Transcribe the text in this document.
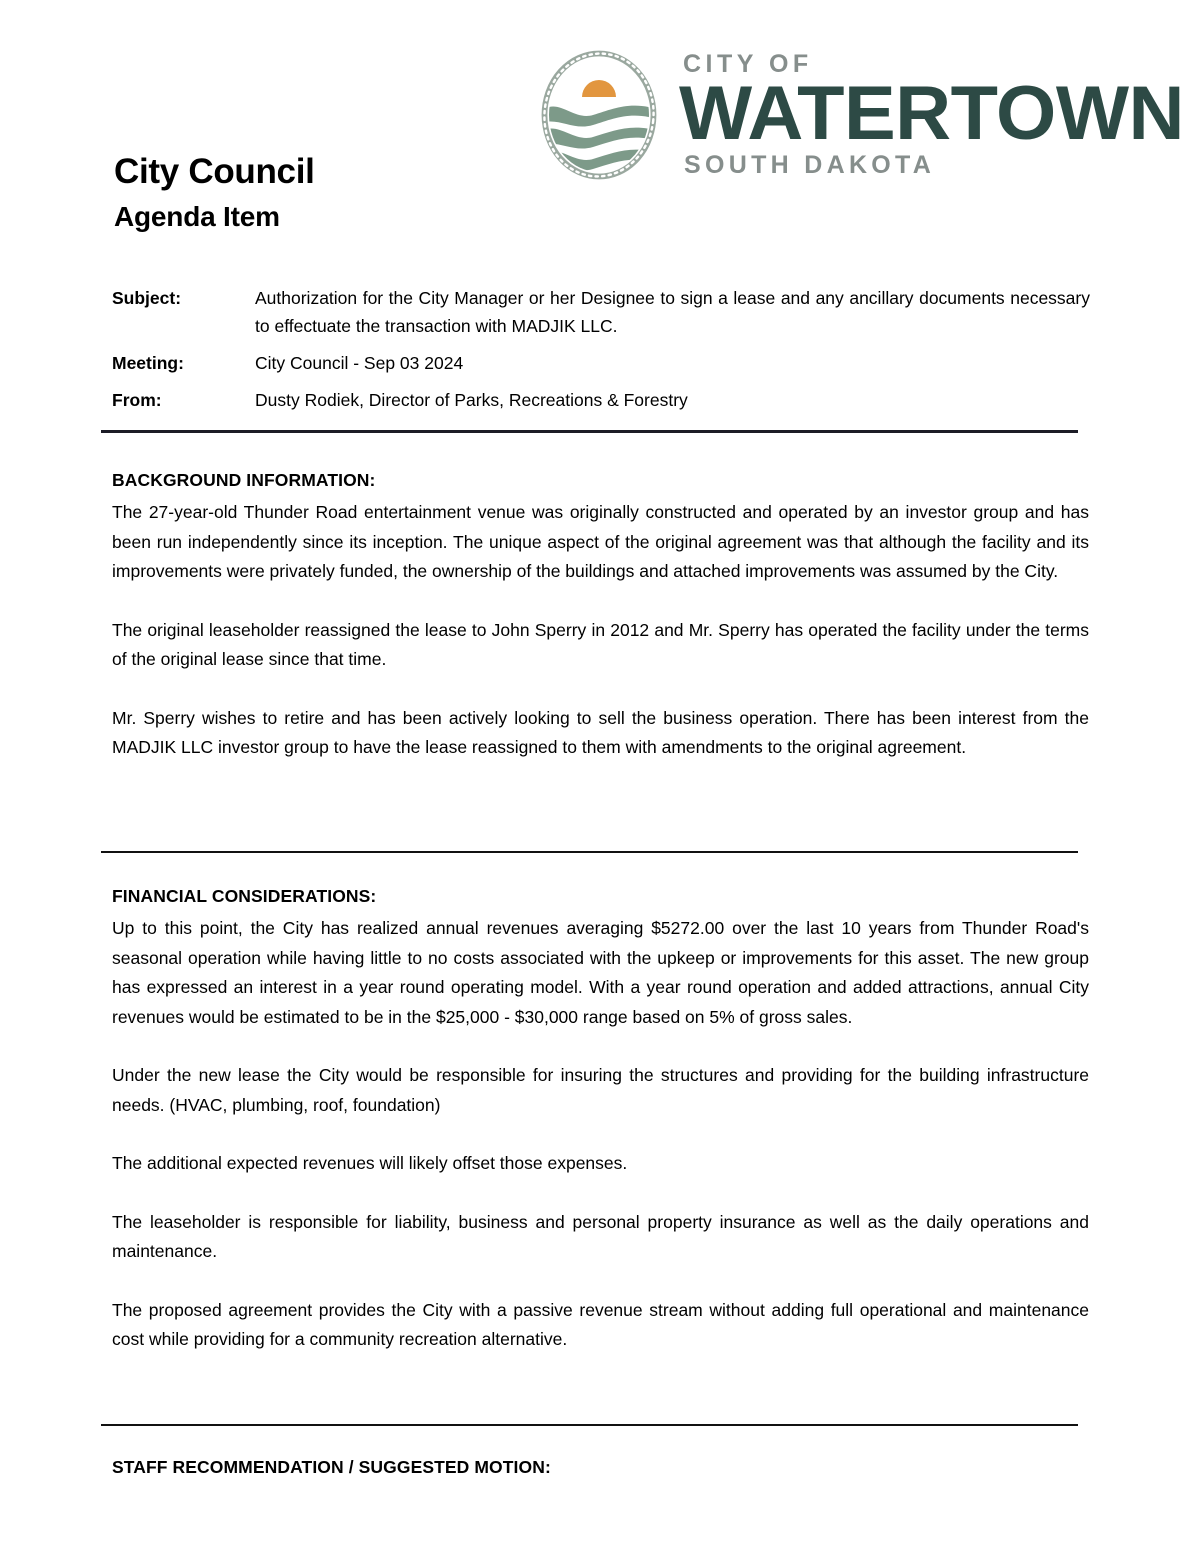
CITY OF
WATERTOWN
SOUTH DAKOTA
City Council
Agenda Item
Subject:	Authorization for the City Manager or her Designee to sign a lease and any ancillary documents necessary to effectuate the transaction with MADJIK LLC.
Meeting:	City Council - Sep 03 2024
From:	Dusty Rodiek, Director of Parks, Recreations & Forestry
BACKGROUND INFORMATION:

The 27-year-old Thunder Road entertainment venue was originally constructed and operated by an investor group and has been run independently since its inception. The unique aspect of the original agreement was that although the facility and its improvements were privately funded, the ownership of the buildings and attached improvements was assumed by the City.

The original leaseholder reassigned the lease to John Sperry in 2012 and Mr. Sperry has operated the facility under the terms of the original lease since that time.

Mr. Sperry wishes to retire and has been actively looking to sell the business operation. There has been interest from the MADJIK LLC investor group to have the lease reassigned to them with amendments to the original agreement.

FINANCIAL CONSIDERATIONS:

Up to this point, the City has realized annual revenues averaging $5272.00 over the last 10 years from Thunder Road's seasonal operation while having little to no costs associated with the upkeep or improvements for this asset. The new group has expressed an interest in a year round operating model. With a year round operation and added attractions, annual City revenues would be estimated to be in the $25,000 - $30,000 range based on 5% of gross sales.

Under the new lease the City would be responsible for insuring the structures and providing for the building infrastructure needs. (HVAC, plumbing, roof, foundation)

The additional expected revenues will likely offset those expenses.

The leaseholder is responsible for liability, business and personal property insurance as well as the daily operations and maintenance.

The proposed agreement provides the City with a passive revenue stream without adding full operational and maintenance cost while providing for a community recreation alternative.

STAFF RECOMMENDATION / SUGGESTED MOTION:
